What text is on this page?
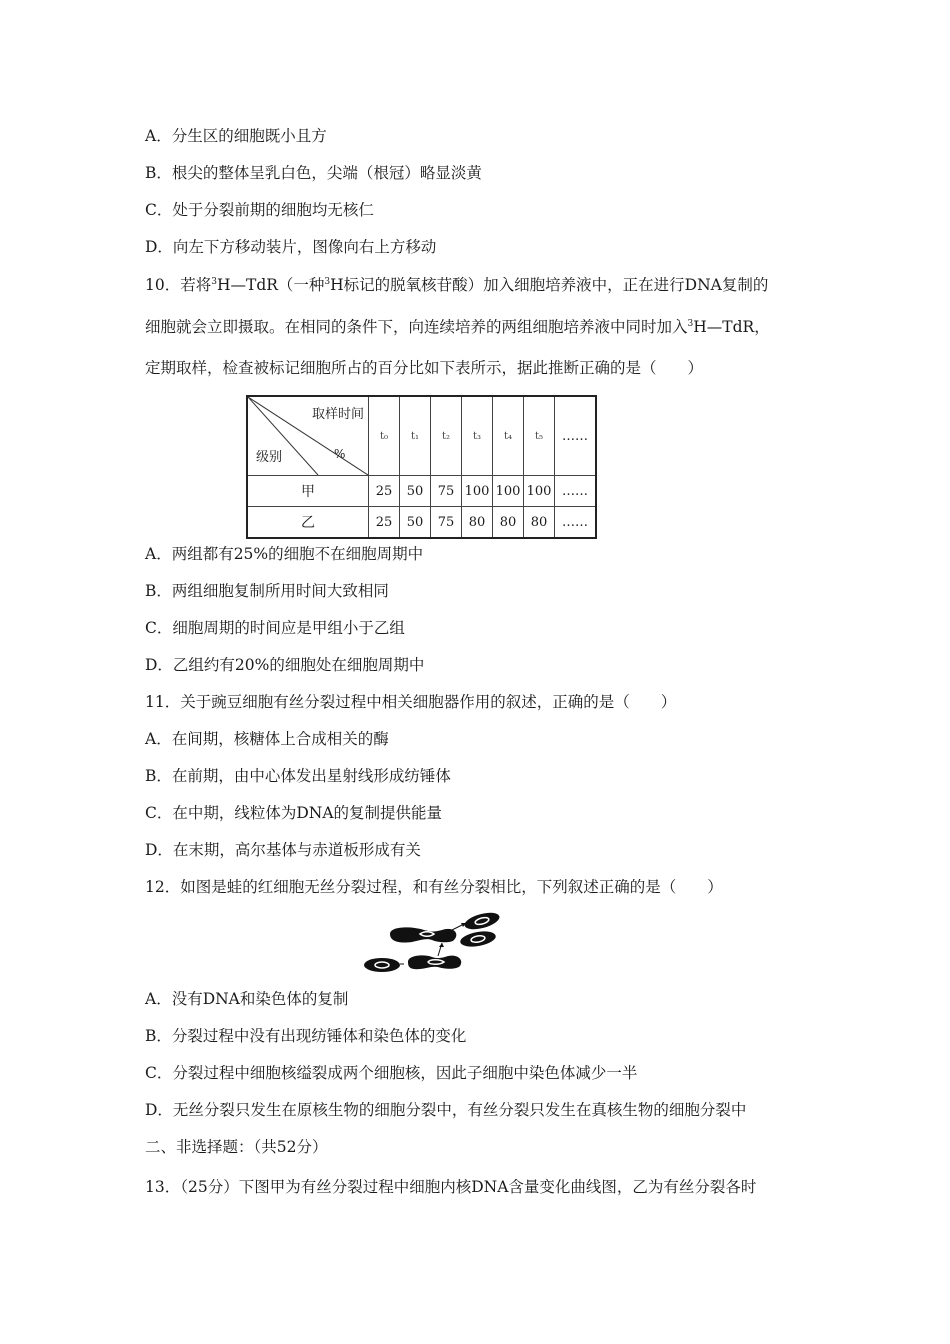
A．分生区的细胞既小且方
B．根尖的整体呈乳白色，尖端（根冠）略显淡黄
C．处于分裂前期的细胞均无核仁
D．向左下方移动装片，图像向右上方移动
10．若将$^3$H—TdR（一种$^3$H标记的脱氧核苷酸）加入细胞培养液中，正在进行DNA复制的
细胞就会立即摄取。在相同的条件下，向连续培养的两组细胞培养液中同时加入$^3$H—TdR，
定期取样，检查被标记细胞所占的百分比如下表所示，据此推断正确的是（　　）
取样时间
级别 %	t₀	t₁	t₂	t₃	t₄	t₅	……
甲	25	50	75	100	100	100	……
乙	25	50	75	80	80	80	……
A．两组都有25%的细胞不在细胞周期中
B．两组细胞复制所用时间大致相同
C．细胞周期的时间应是甲组小于乙组
D．乙组约有20%的细胞处在细胞周期中
11．关于豌豆细胞有丝分裂过程中相关细胞器作用的叙述，正确的是（　　）
A．在间期，核糖体上合成相关的酶
B．在前期，由中心体发出星射线形成纺锤体
C．在中期，线粒体为DNA的复制提供能量
D．在末期，高尔基体与赤道板形成有关
12．如图是蛙的红细胞无丝分裂过程，和有丝分裂相比，下列叙述正确的是（　　）
A．没有DNA和染色体的复制
B．分裂过程中没有出现纺锤体和染色体的变化
C．分裂过程中细胞核缢裂成两个细胞核，因此子细胞中染色体减少一半
D．无丝分裂只发生在原核生物的细胞分裂中，有丝分裂只发生在真核生物的细胞分裂中
二、非选择题：（共52分）
13．（25分）下图甲为有丝分裂过程中细胞内核DNA含量变化曲线图，乙为有丝分裂各时
